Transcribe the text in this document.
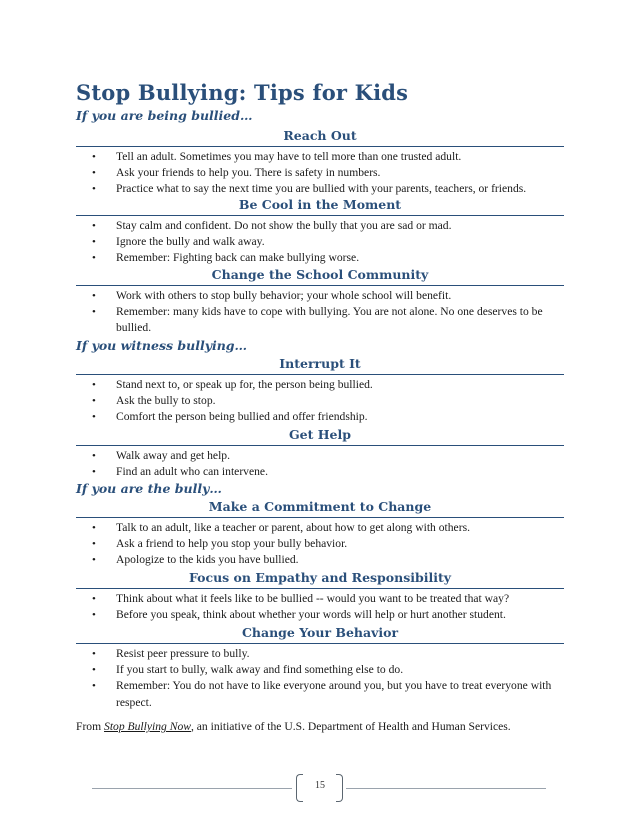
Stop Bullying: Tips for Kids
If you are being bullied…
Reach Out
• Tell an adult. Sometimes you may have to tell more than one trusted adult.
• Ask your friends to help you. There is safety in numbers.
• Practice what to say the next time you are bullied with your parents, teachers, or friends.
Be Cool in the Moment
• Stay calm and confident. Do not show the bully that you are sad or mad.
• Ignore the bully and walk away.
• Remember: Fighting back can make bullying worse.
Change the School Community
• Work with others to stop bully behavior; your whole school will benefit.
• Remember: many kids have to cope with bullying. You are not alone. No one deserves to be bullied.
If you witness bullying…
Interrupt It
• Stand next to, or speak up for, the person being bullied.
• Ask the bully to stop.
• Comfort the person being bullied and offer friendship.
Get Help
• Walk away and get help.
• Find an adult who can intervene.
If you are the bully…
Make a Commitment to Change
• Talk to an adult, like a teacher or parent, about how to get along with others.
• Ask a friend to help you stop your bully behavior.
• Apologize to the kids you have bullied.
Focus on Empathy and Responsibility
• Think about what it feels like to be bullied -- would you want to be treated that way?
• Before you speak, think about whether your words will help or hurt another student.
Change Your Behavior
• Resist peer pressure to bully.
• If you start to bully, walk away and find something else to do.
• Remember: You do not have to like everyone around you, but you have to treat everyone with respect.
From Stop Bullying Now, an initiative of the U.S. Department of Health and Human Services.
15
